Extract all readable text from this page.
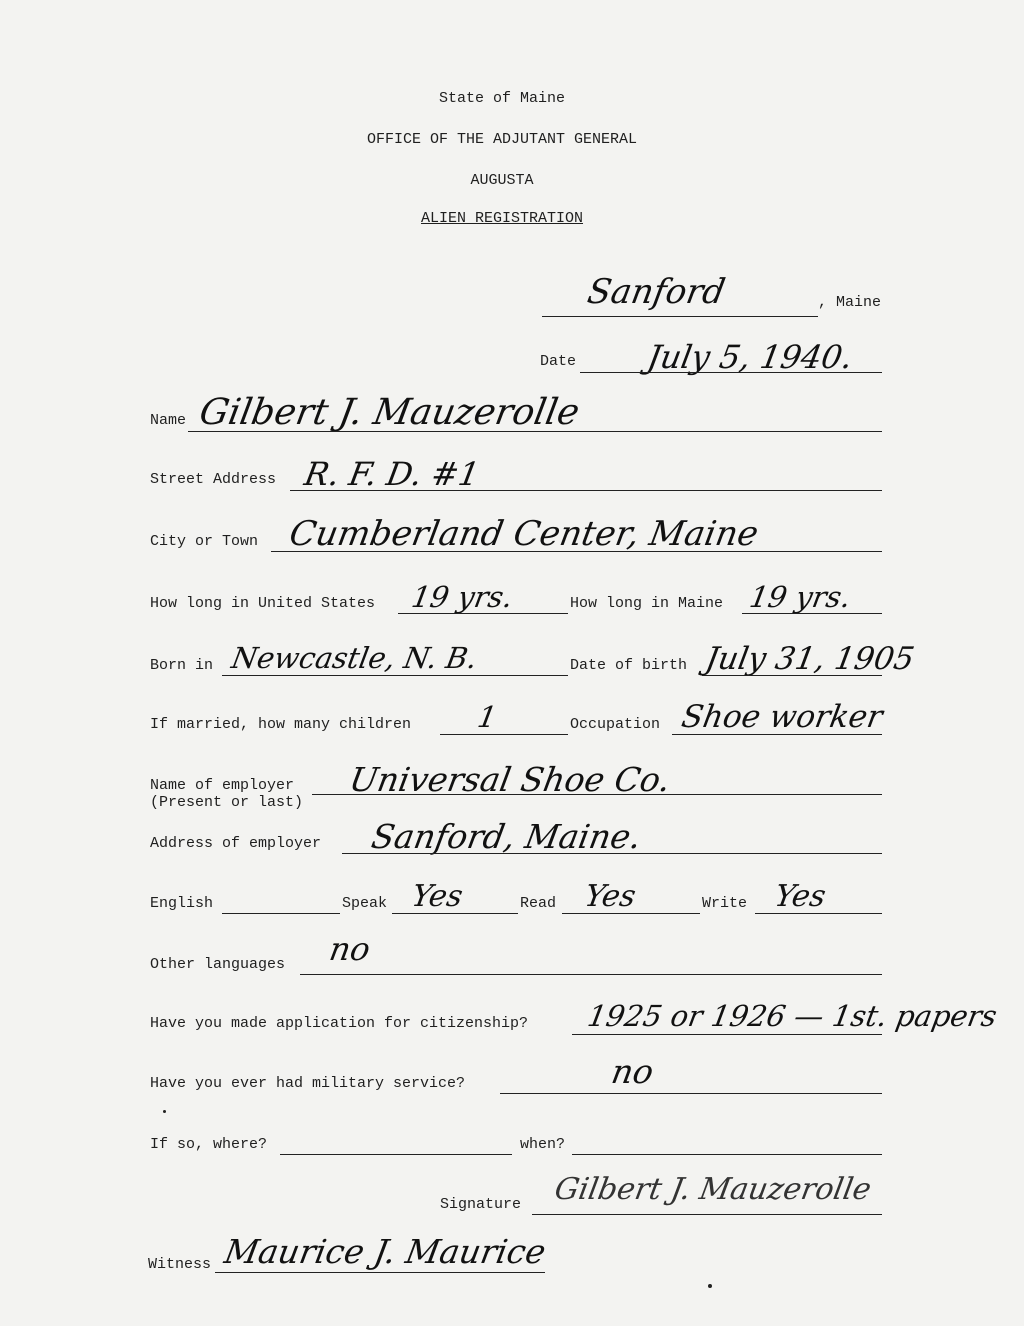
State of Maine
OFFICE OF THE ADJUTANT GENERAL
AUGUSTA
ALIEN REGISTRATION
Sanford	, Maine
Date July 5, 1940.
Name Gilbert J. Mauzerolle
Street Address R. F. D. #1
City or Town Cumberland Center, Maine
How long in United States 19 yrs.	How long in Maine 19 yrs.
Born in Newcastle, N. B.	Date of birth July 31, 1905
If married, how many children 1	Occupation Shoe worker
Name of employer
(Present or last)
Universal Shoe Co.
Address of employer Sanford, Maine.
English	Speak Yes	Read Yes	Write Yes
Other languages no
Have you made application for citizenship? 1925 or 1926 — 1st. papers
Have you ever had military service?	no
If so, where?	when?
Signature Gilbert J. Mauzerolle
Witness Maurice J. Maurice
